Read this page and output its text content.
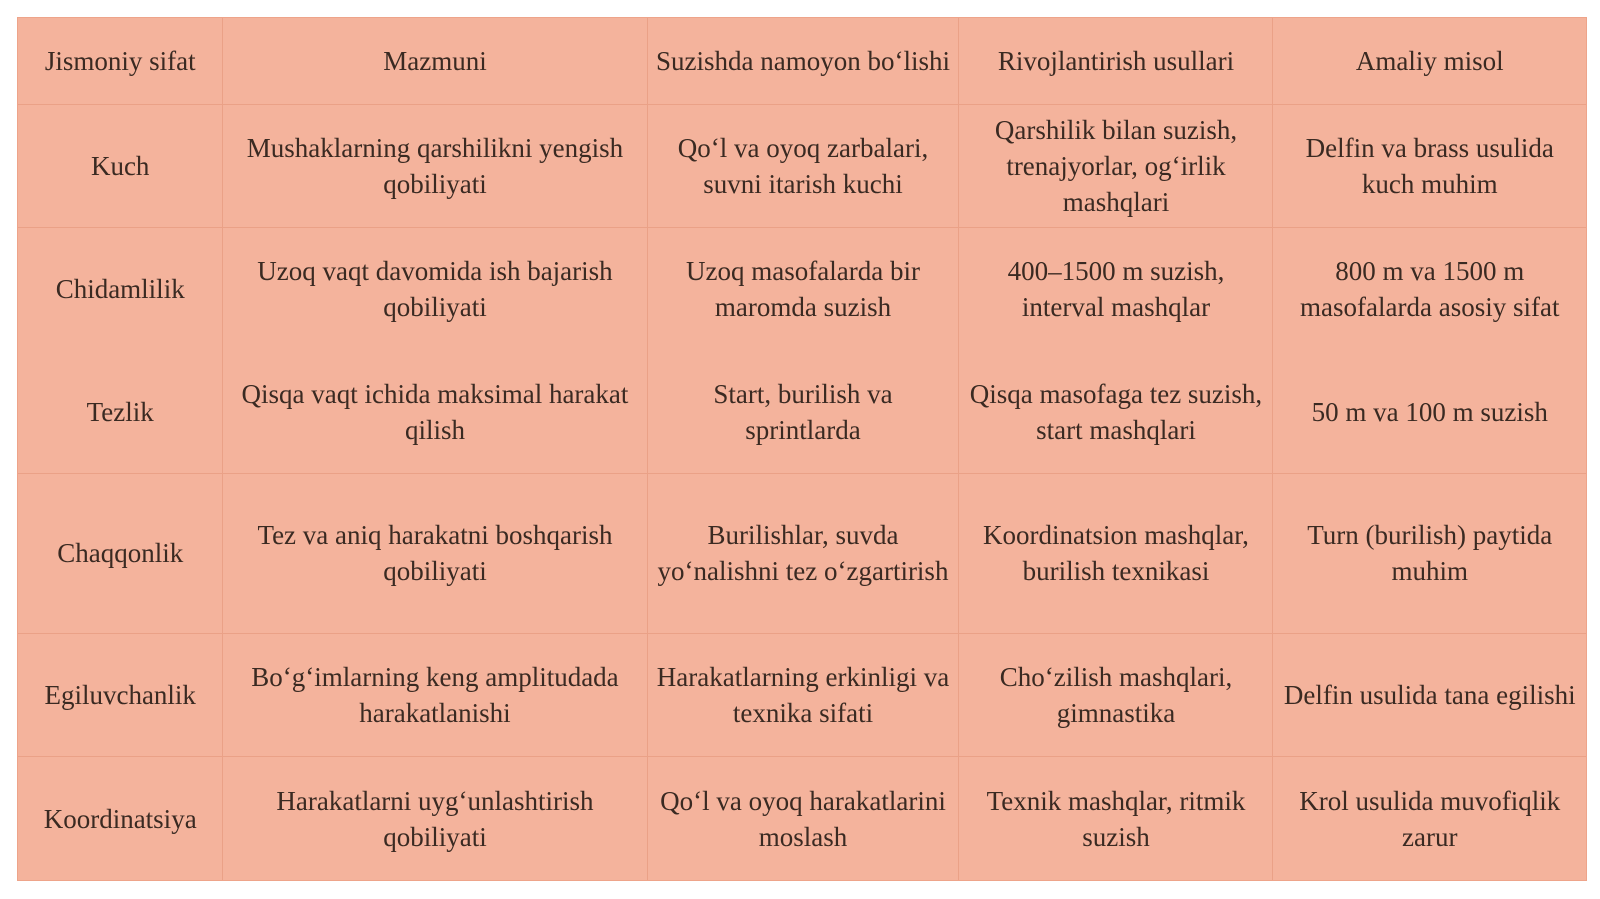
Jismoniy sifat	Mazmuni	Suzishda namoyon bo‘lishi	Rivojlantirish usullari	Amaliy misol
Kuch	Mushaklarning qarshilikni yengish qobiliyati	Qo‘l va oyoq zarbalari, suvni itarish kuchi	Qarshilik bilan suzish, trenajyorlar, og‘irlik mashqlari	Delfin va brass usulida kuch muhim
Chidamlilik	Uzoq vaqt davomida ish bajarish qobiliyati	Uzoq masofalarda bir maromda suzish	400–1500 m suzish, interval mashqlar	800 m va 1500 m masofalarda asosiy sifat
Tezlik	Qisqa vaqt ichida maksimal harakat qilish	Start, burilish va sprintlarda	Qisqa masofaga tez suzish, start mashqlari	50 m va 100 m suzish
Chaqqonlik	Tez va aniq harakatni boshqarish qobiliyati	Burilishlar, suvda yo‘nalishni tez o‘zgartirish	Koordinatsion mashqlar, burilish texnikasi	Turn (burilish) paytida muhim
Egiluvchanlik	Bo‘g‘imlarning keng amplitudada harakatlanishi	Harakatlarning erkinligi va texnika sifati	Cho‘zilish mashqlari, gimnastika	Delfin usulida tana egilishi
Koordinatsiya	Harakatlarni uyg‘unlashtirish qobiliyati	Qo‘l va oyoq harakatlarini moslash	Texnik mashqlar, ritmik suzish	Krol usulida muvofiqlik zarur
